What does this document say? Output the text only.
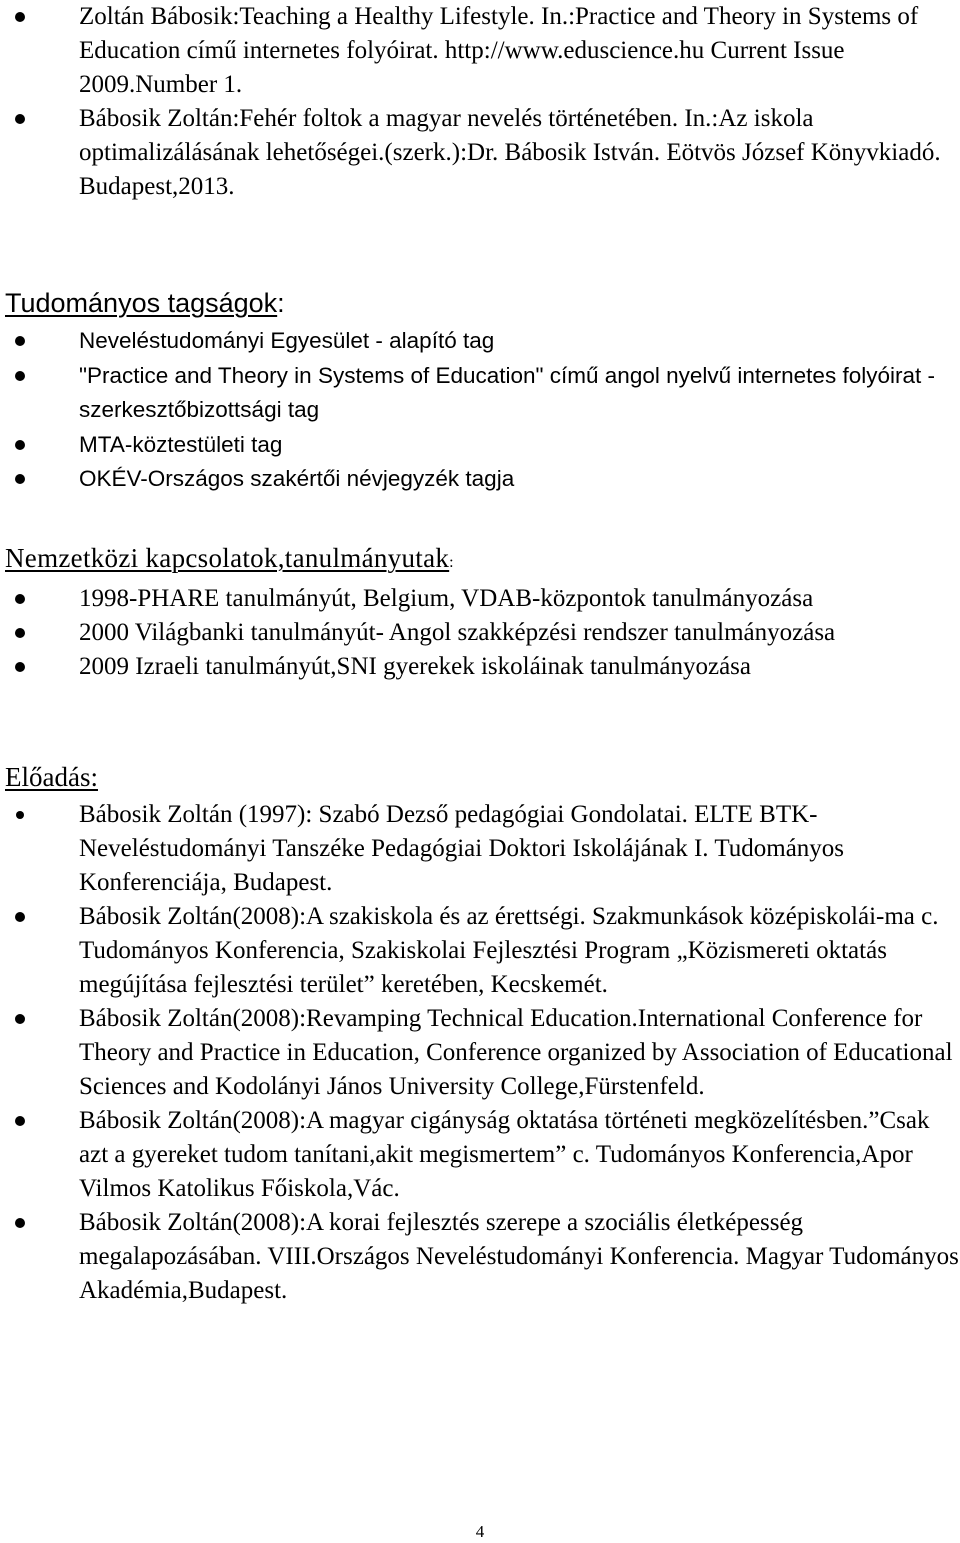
Zoltán Bábosik:Teaching a Healthy Lifestyle. In.:Practice and Theory in Systems of Education című internetes folyóirat. http://www.eduscience.hu Current Issue 2009.Number 1.
Bábosik Zoltán:Fehér foltok a magyar nevelés történetében. In.:Az iskola optimalizálásának lehetőségei.(szerk.):Dr. Bábosik István. Eötvös József Könyvkiadó. Budapest,2013.
Tudományos tagságok:
Neveléstudományi Egyesület - alapító tag
"Practice and Theory in Systems of Education" című angol nyelvű internetes folyóirat - szerkesztőbizottsági tag
MTA-köztestületi tag
OKÉV-Országos szakértői névjegyzék tagja
Nemzetközi kapcsolatok,tanulmányutak:
1998-PHARE tanulmányút, Belgium, VDAB-központok tanulmányozása
2000 Világbanki tanulmányút- Angol szakképzési rendszer tanulmányozása
2009 Izraeli tanulmányút,SNI gyerekek iskoláinak tanulmányozása
Előadás:
Bábosik Zoltán (1997): Szabó Dezső pedagógiai Gondolatai. ELTE BTK-Neveléstudományi Tanszéke Pedagógiai Doktori Iskolájának I. Tudományos Konferenciája, Budapest.
Bábosik Zoltán(2008):A szakiskola és az érettségi. Szakmunkások középiskolái-ma c. Tudományos Konferencia, Szakiskolai Fejlesztési Program „Közismereti oktatás megújítása fejlesztési terület” keretében, Kecskemét.
Bábosik Zoltán(2008):Revamping Technical Education.International Conference for Theory and Practice in Education, Conference organized by Association of Educational Sciences and Kodolányi János University College,Fürstenfeld.
Bábosik Zoltán(2008):A magyar cigányság oktatása történeti megközelítésben.”Csak azt a gyereket tudom tanítani,akit megismertem” c. Tudományos Konferencia,Apor Vilmos Katolikus Főiskola,Vác.
Bábosik Zoltán(2008):A korai fejlesztés szerepe a szociális életképesség megalapozásában. VIII.Országos Neveléstudományi Konferencia. Magyar Tudományos Akadémia,Budapest.
4
